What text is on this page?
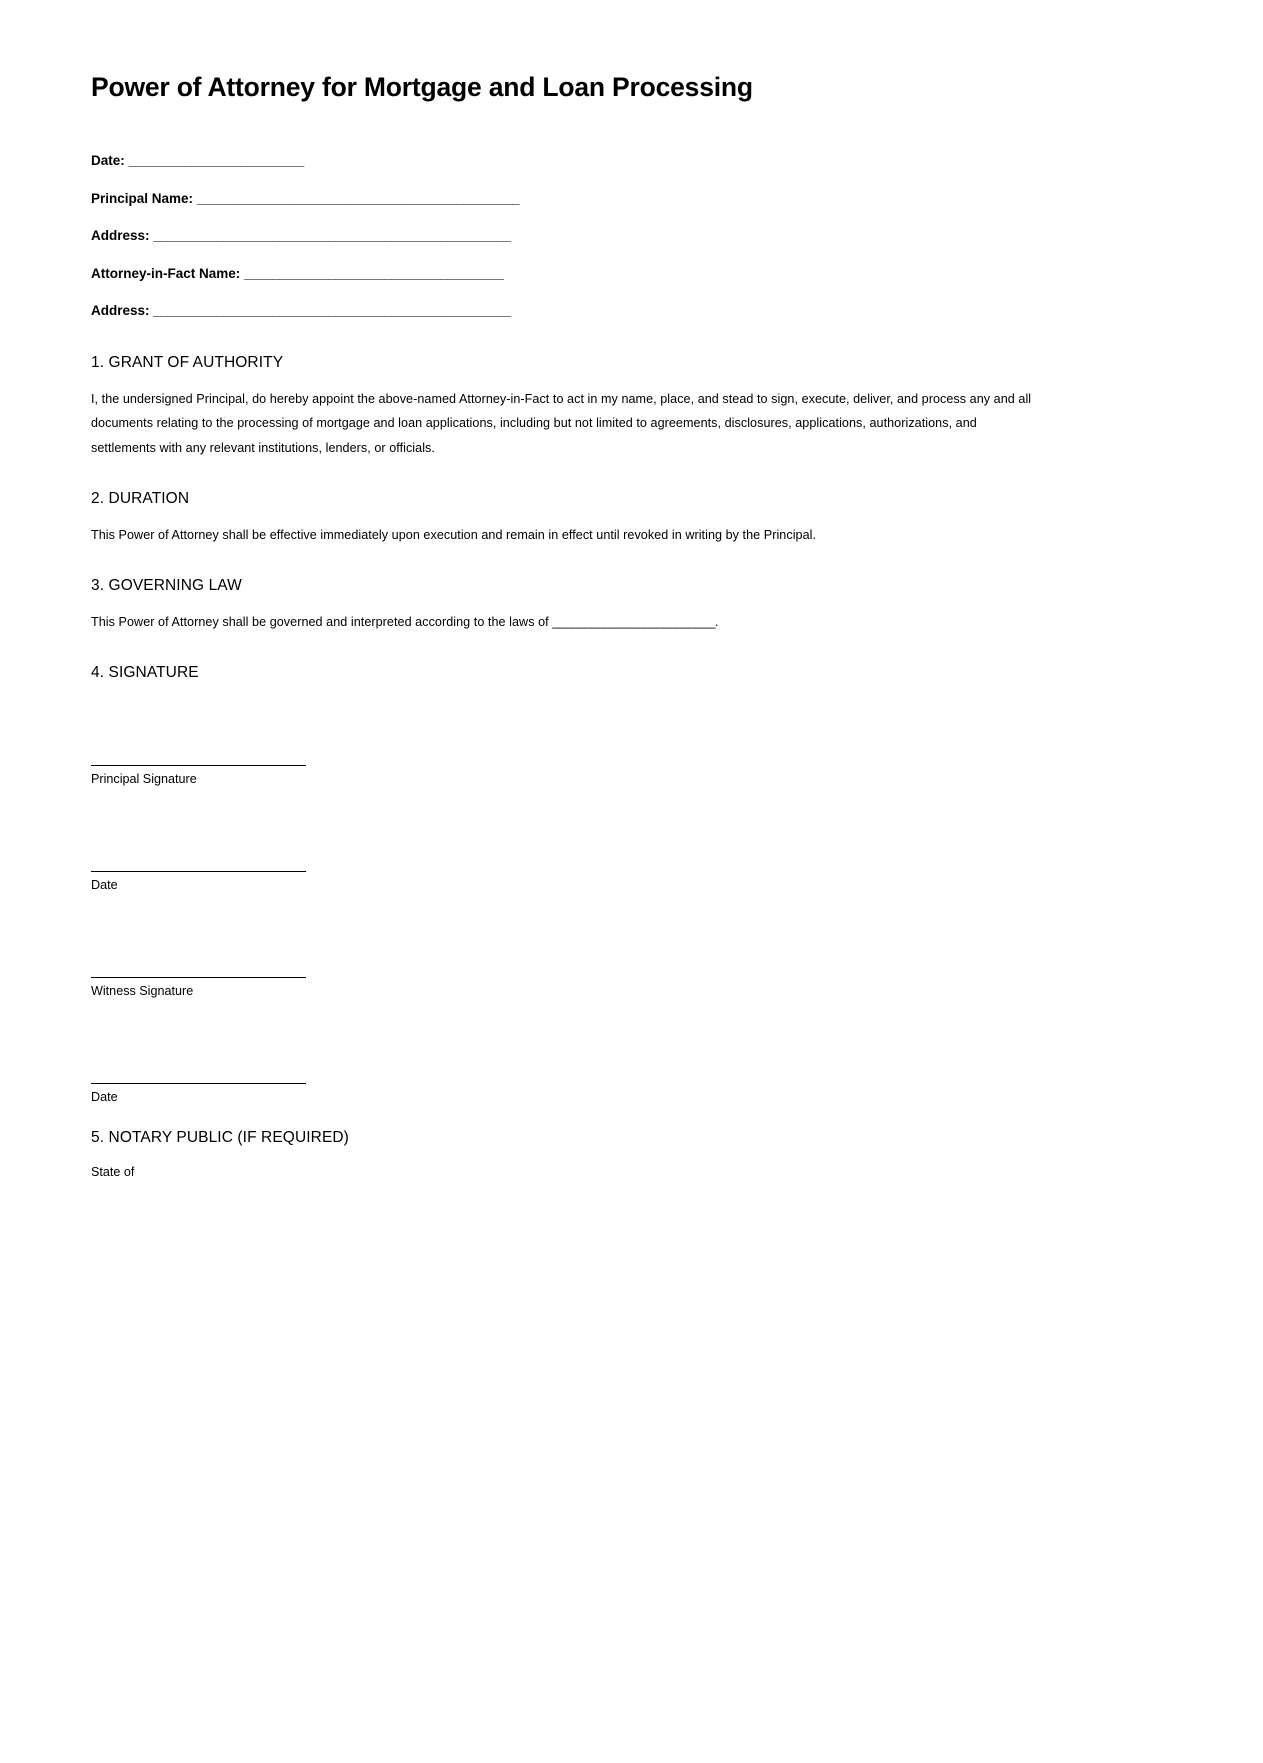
Power of Attorney for Mortgage and Loan Processing

Date: _________________________

Principal Name: ______________________________________________

Address: ___________________________________________________

Attorney-in-Fact Name: _____________________________________

Address: ___________________________________________________

1. GRANT OF AUTHORITY

I, the undersigned Principal, do hereby appoint the above-named Attorney-in-Fact to act in my name, place, and stead to sign, execute, deliver, and process any and all documents relating to the processing of mortgage and loan applications, including but not limited to agreements, disclosures, applications, authorizations, and settlements with any relevant institutions, lenders, or officials.

2. DURATION

This Power of Attorney shall be effective immediately upon execution and remain in effect until revoked in writing by the Principal.

3. GOVERNING LAW

This Power of Attorney shall be governed and interpreted according to the laws of _________________________.

4. SIGNATURE

Principal Signature

Date

Witness Signature

Date

5. NOTARY PUBLIC (IF REQUIRED)

State of
